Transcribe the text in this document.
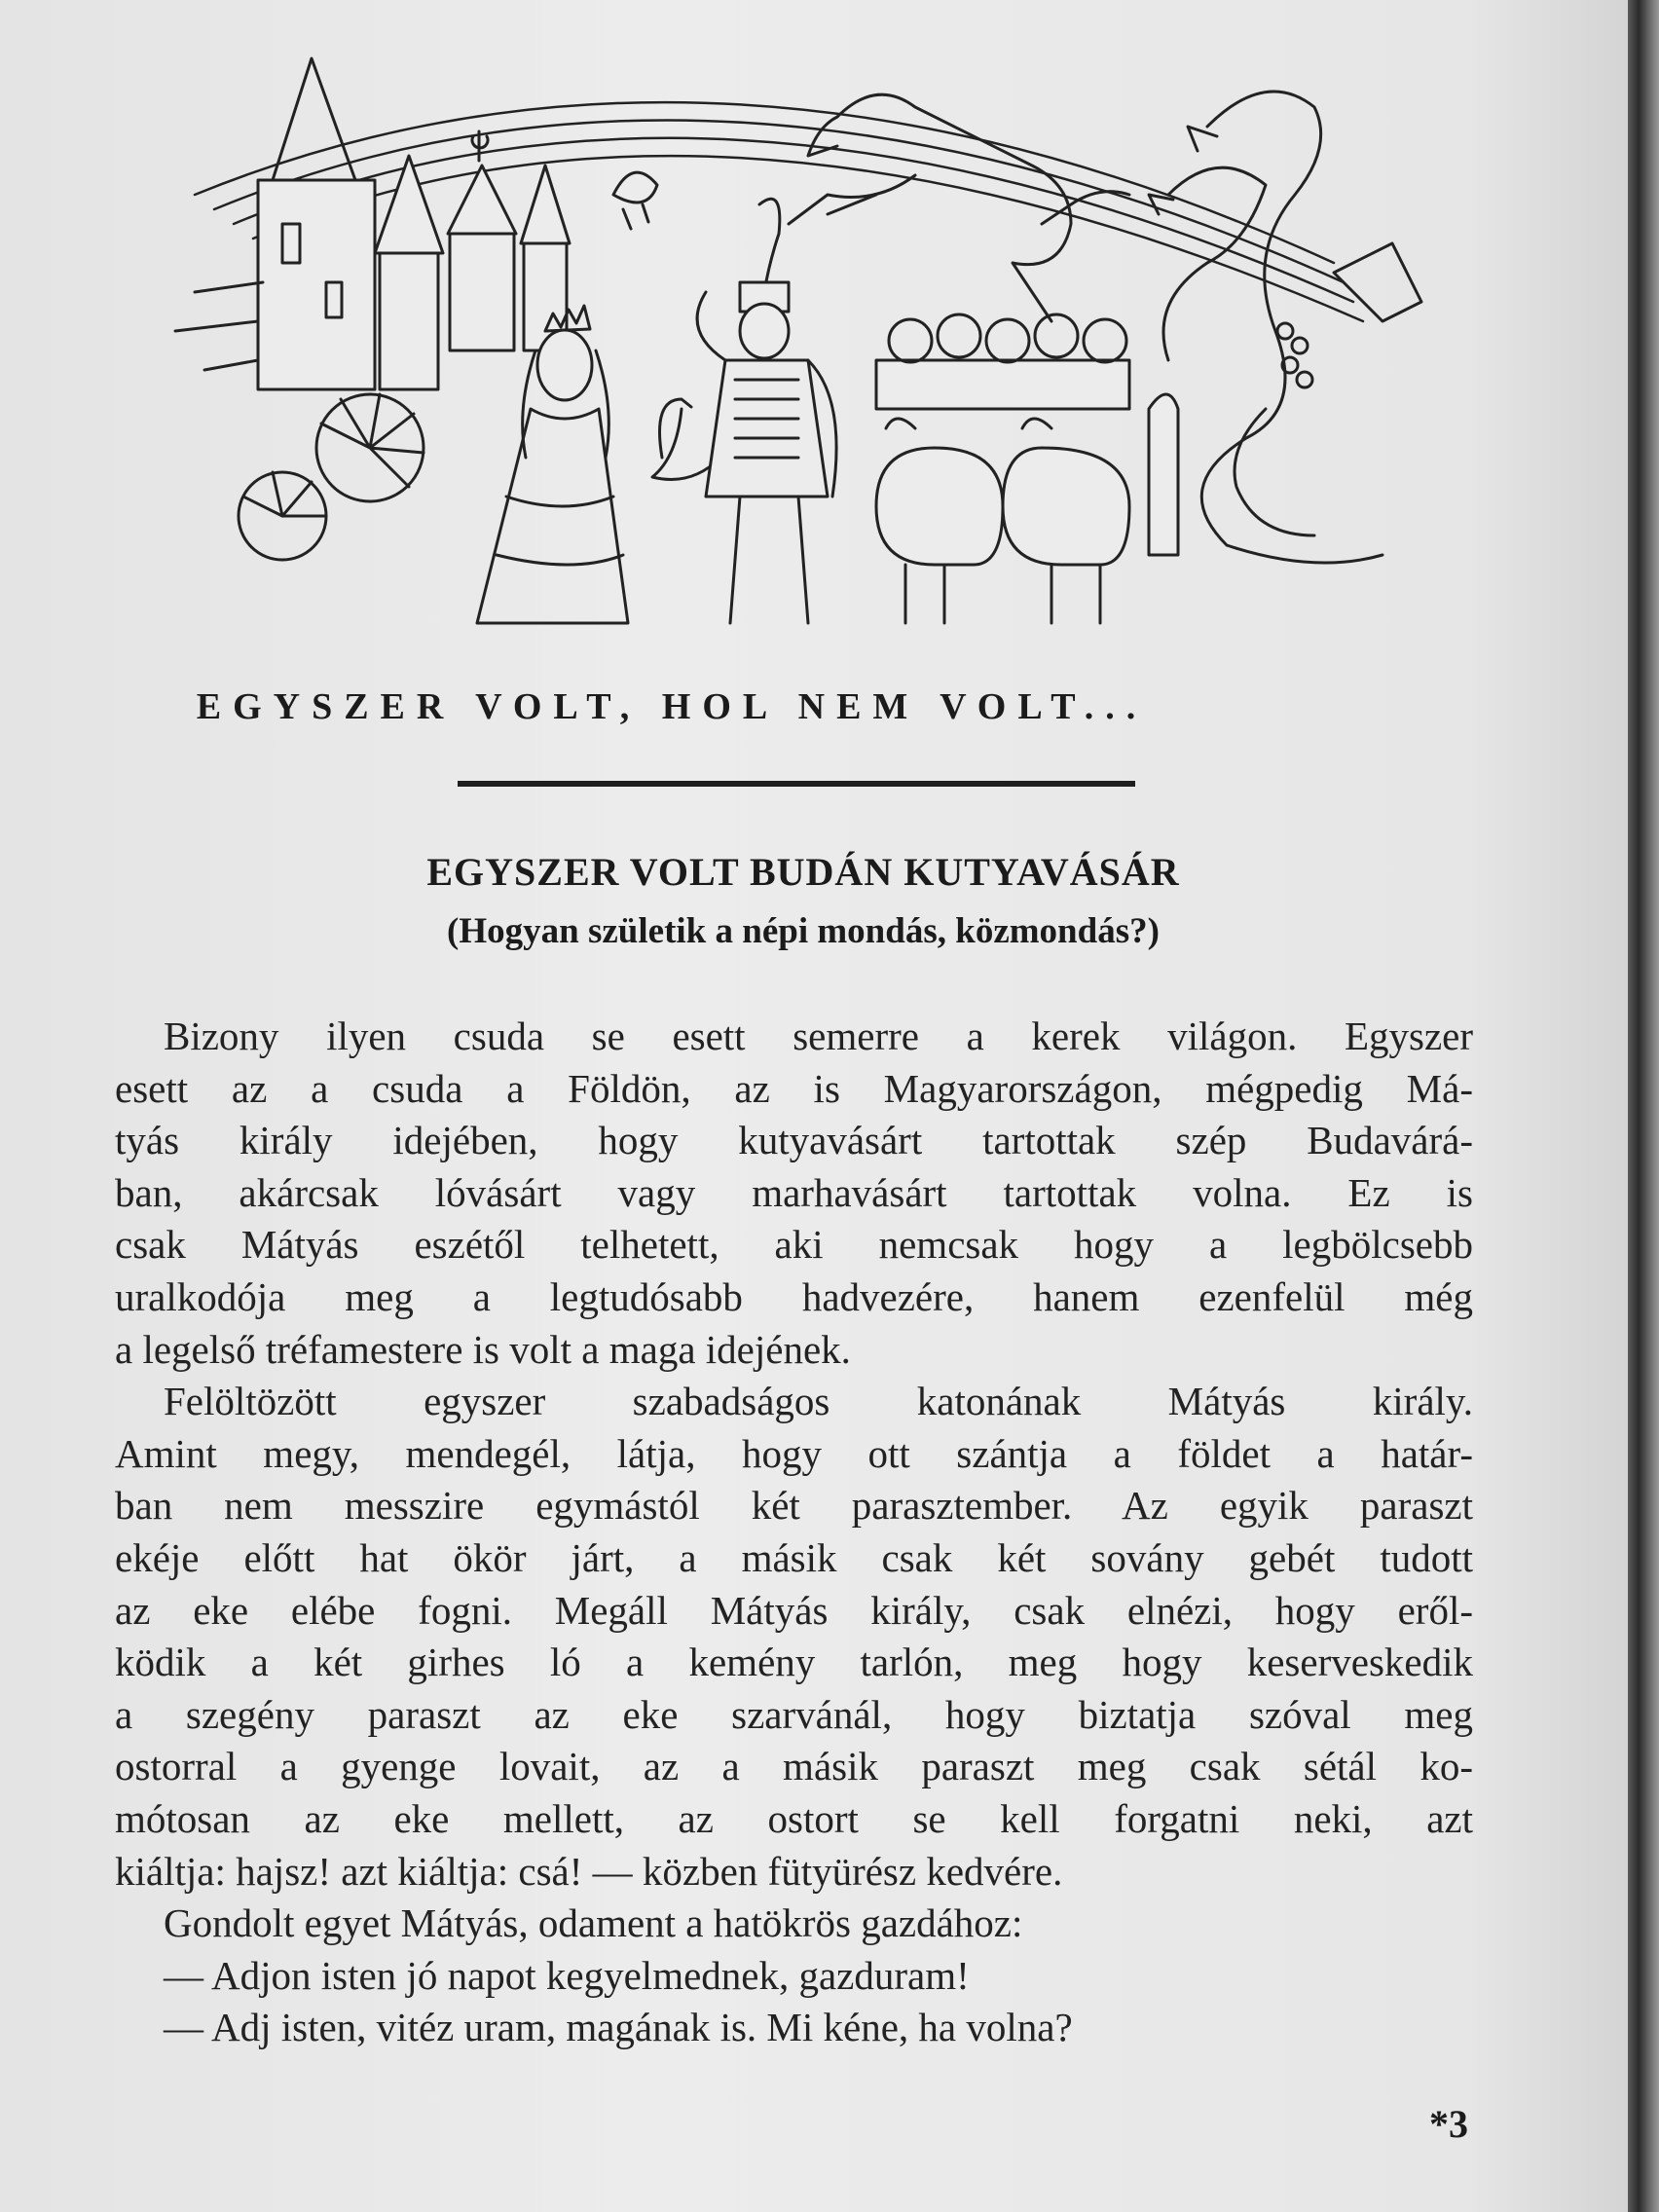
EGYSZER VOLT, HOL NEM VOLT...
EGYSZER VOLT BUDÁN KUTYAVÁSÁR
(Hogyan születik a népi mondás, közmondás?)
Bizony ilyen csuda se esett semerre a kerek világon. Egyszer
esett az a csuda a Földön, az is Magyarországon, mégpedig Má-
tyás király idejében, hogy kutyavásárt tartottak szép Budavárá-
ban, akárcsak lóvásárt vagy marhavásárt tartottak volna. Ez is
csak Mátyás eszétől telhetett, aki nemcsak hogy a legbölcsebb
uralkodója meg a legtudósabb hadvezére, hanem ezenfelül még
a legelső tréfamestere is volt a maga idejének.
Felöltözött egyszer szabadságos katonának Mátyás király.
Amint megy, mendegél, látja, hogy ott szántja a földet a határ-
ban nem messzire egymástól két parasztember. Az egyik paraszt
ekéje előtt hat ökör járt, a másik csak két sovány gebét tudott
az eke elébe fogni. Megáll Mátyás király, csak elnézi, hogy eről-
ködik a két girhes ló a kemény tarlón, meg hogy keserveskedik
a szegény paraszt az eke szarvánál, hogy biztatja szóval meg
ostorral a gyenge lovait, az a másik paraszt meg csak sétál ko-
mótosan az eke mellett, az ostort se kell forgatni neki, azt
kiáltja: hajsz! azt kiáltja: csá! — közben fütyürész kedvére.
Gondolt egyet Mátyás, odament a hatökrös gazdához:
— Adjon isten jó napot kegyelmednek, gazduram!
— Adj isten, vitéz uram, magának is. Mi kéne, ha volna?
*3
